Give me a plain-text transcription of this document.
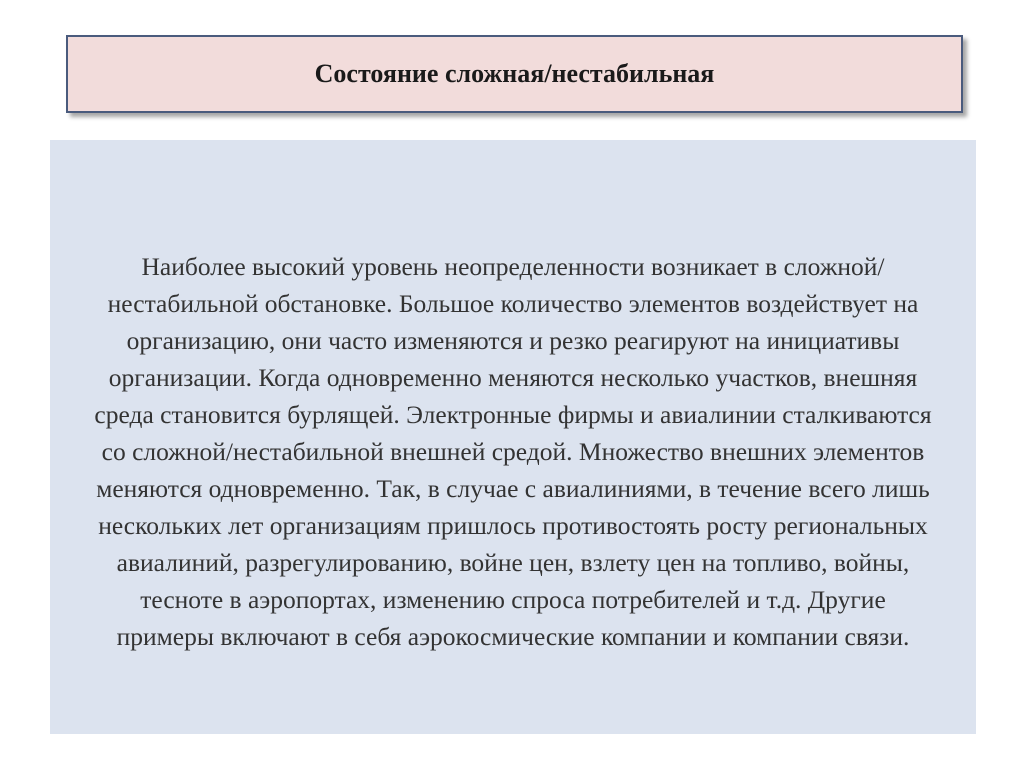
Состояние сложная/нестабильная

Наиболее высокий уровень неопределенности возникает в сложной/нестабильной обстановке. Большое количество элементов воздействует на организацию, они часто изменяются и резко реагируют на инициативы организации. Когда одновременно меняются несколько участков, внешняя среда становится бурлящей. Электронные фирмы и авиалинии сталкиваются со сложной/нестабильной внешней средой. Множество внешних элементов меняются одновременно. Так, в случае с авиалиниями, в течение всего лишь нескольких лет организациям пришлось противостоять росту региональных авиалиний, разрегулированию, войне цен, взлету цен на топливо, войны, тесноте в аэропортах, изменению спроса потребителей и т.д. Другие примеры включают в себя аэрокосмические компании и компании связи.
